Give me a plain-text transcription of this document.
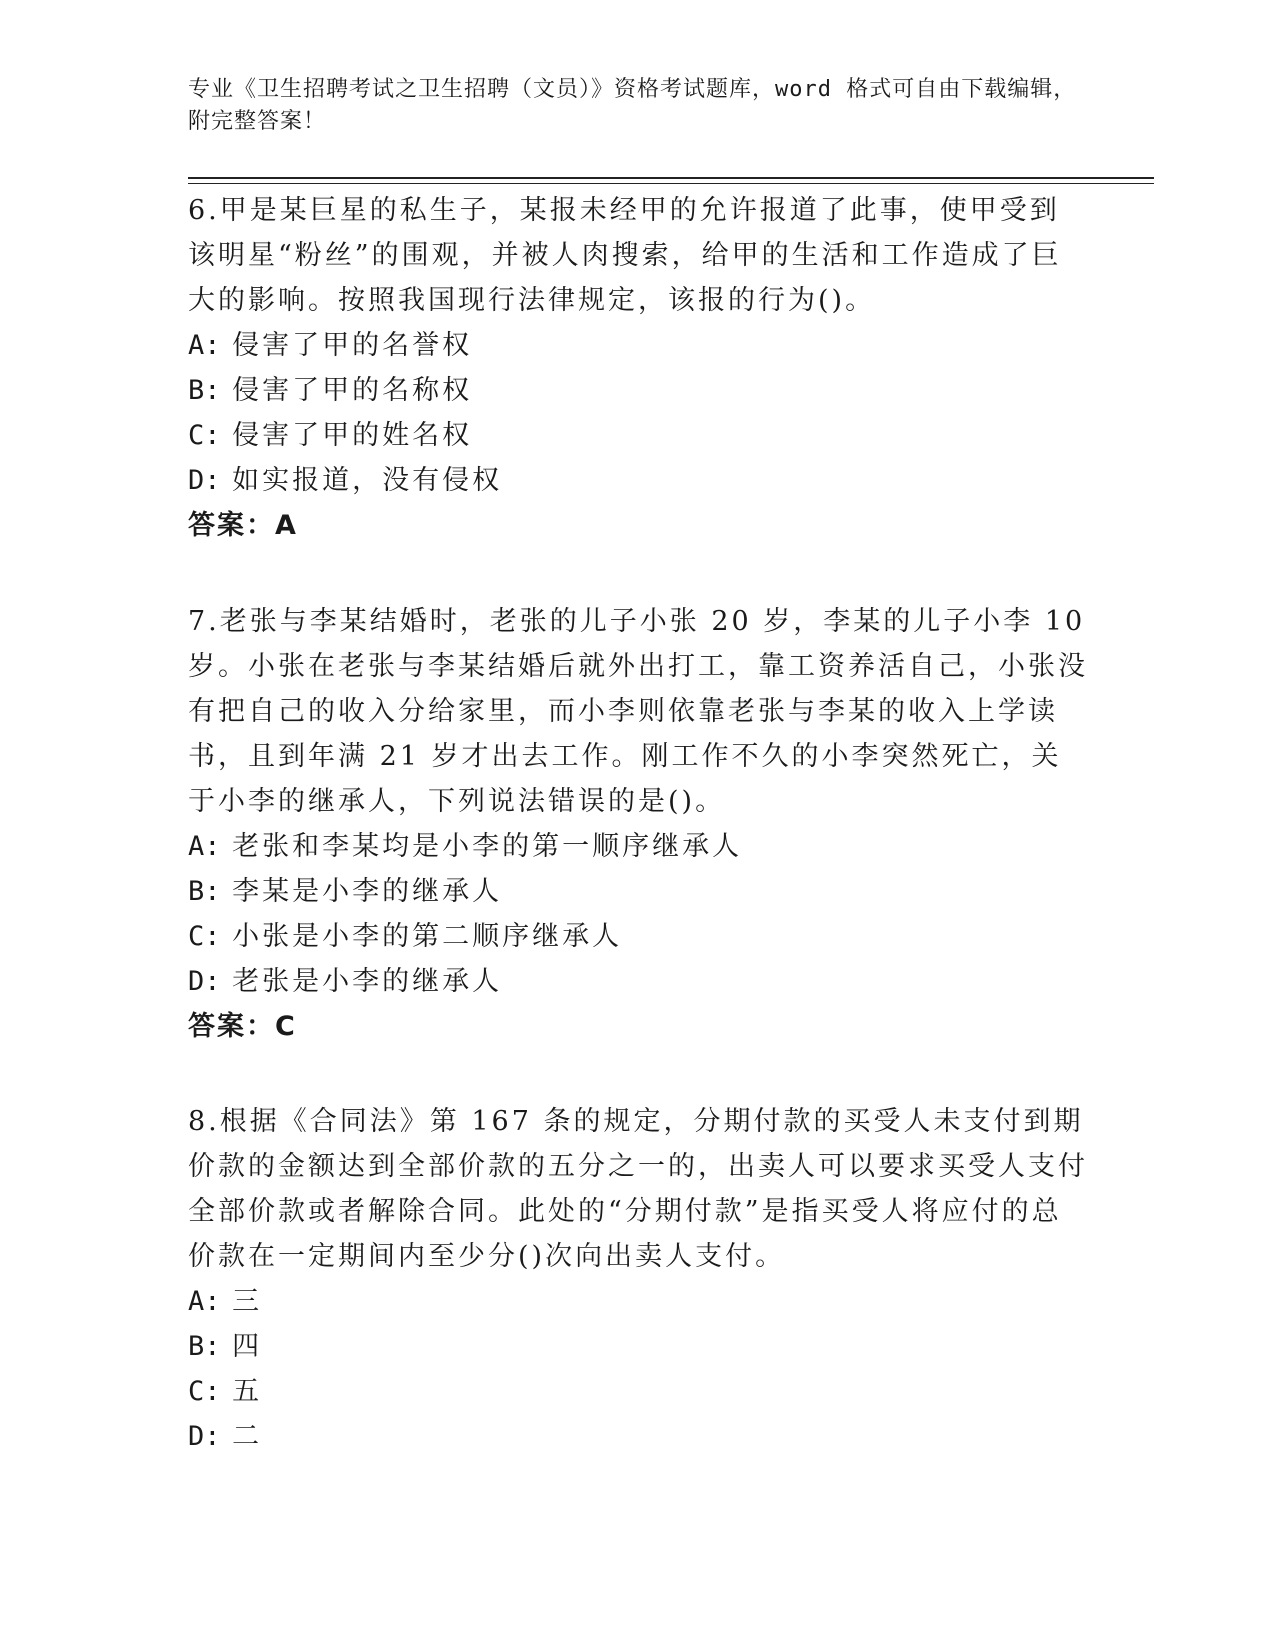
专业《卫生招聘考试之卫生招聘（文员）》资格考试题库，word 格式可自由下载编辑，附完整答案！

6.甲是某巨星的私生子，某报未经甲的允许报道了此事，使甲受到该明星“粉丝”的围观，并被人肉搜索，给甲的生活和工作造成了巨大的影响。按照我国现行法律规定，该报的行为()。

A: 侵害了甲的名誉权

B: 侵害了甲的名称权

C: 侵害了甲的姓名权

D: 如实报道，没有侵权

答案：A

7.老张与李某结婚时，老张的儿子小张 20 岁，李某的儿子小李 10 岁。小张在老张与李某结婚后就外出打工，靠工资养活自己，小张没有把自己的收入分给家里，而小李则依靠老张与李某的收入上学读书，且到年满 21 岁才出去工作。刚工作不久的小李突然死亡，关于小李的继承人，下列说法错误的是()。

A: 老张和李某均是小李的第一顺序继承人

B: 李某是小李的继承人

C: 小张是小李的第二顺序继承人

D: 老张是小李的继承人

答案：C

8.根据《合同法》第 167 条的规定，分期付款的买受人未支付到期价款的金额达到全部价款的五分之一的，出卖人可以要求买受人支付全部价款或者解除合同。此处的“分期付款”是指买受人将应付的总价款在一定期间内至少分()次向出卖人支付。

A: 三

B: 四

C: 五

D: 二
